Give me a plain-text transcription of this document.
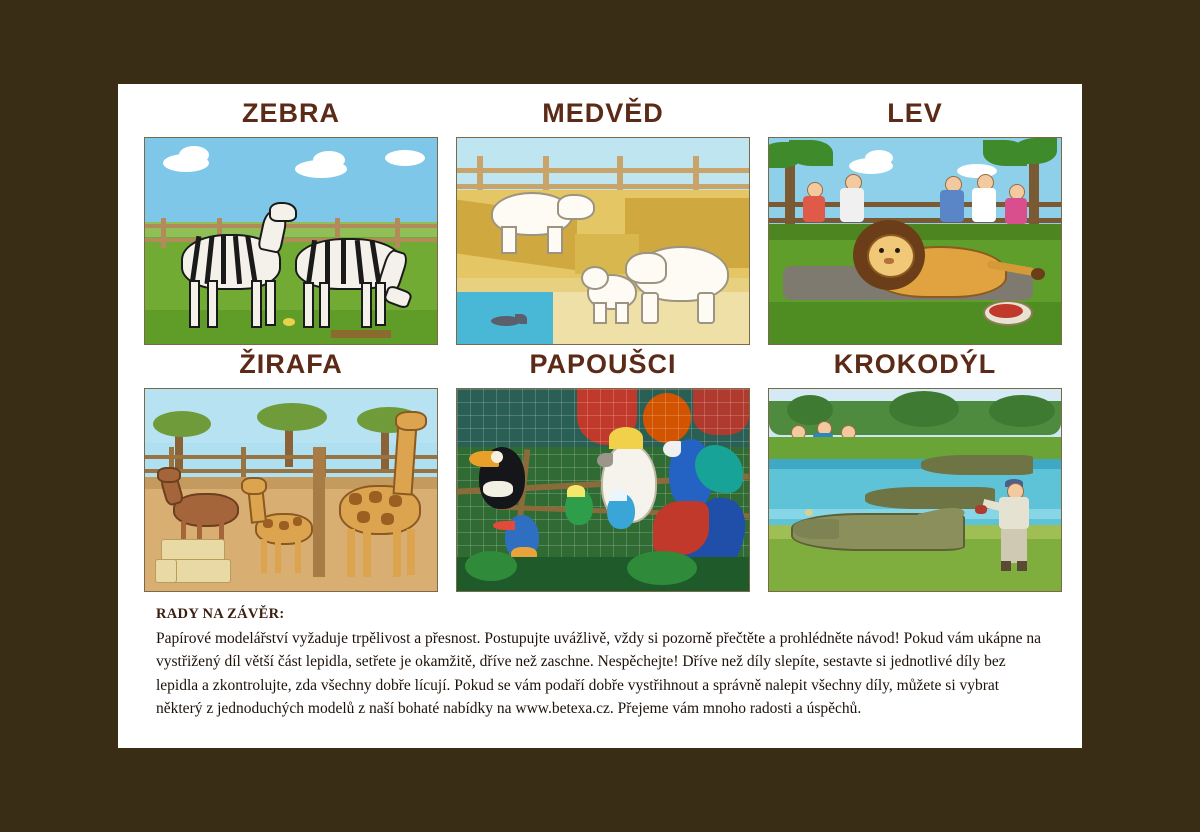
ZEBRA	MEDVĚD	LEV
ŽIRAFA	PAPOUŠCI	KROKODÝL
RADY NA ZÁVĚR:
Papírové modelářství vyžaduje trpělivost a přesnost. Postupujte uvážlivě, vždy si pozorně přečtěte a prohlédněte návod! Pokud vám ukápne na vystřižený díl větší část lepidla, setřete je okamžitě, dříve než zaschne. Nespěchejte! Dříve než díly slepíte, sestavte si jednotlivé díly bez lepidla a zkontrolujte, zda všechny dobře lícují. Pokud se vám podaří dobře vystřihnout a správně nalepit všechny díly, můžete si vybrat některý z jednoduchých modelů z naší bohaté nabídky na www.betexa.cz. Přejeme vám mnoho radosti a úspěchů.
